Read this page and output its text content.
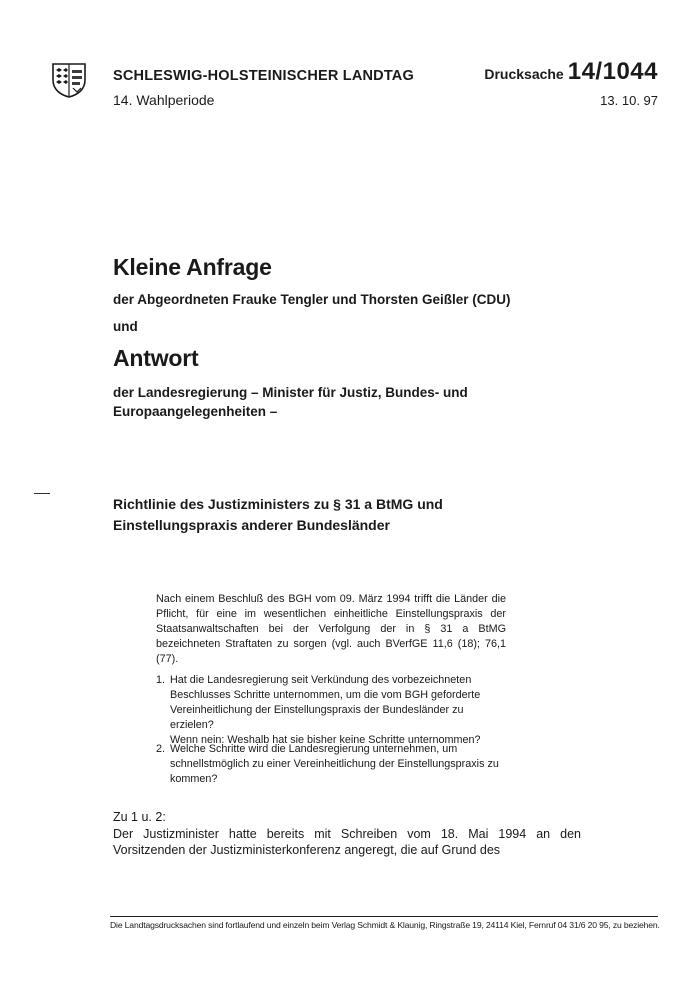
SCHLESWIG-HOLSTEINISCHER LANDTAG
14. Wahlperiode
Drucksache 14/1044
13. 10. 97
Kleine Anfrage
der Abgeordneten Frauke Tengler und Thorsten Geißler (CDU)
und
Antwort
der Landesregierung – Minister für Justiz, Bundes- und Europaangelegenheiten –
Richtlinie des Justizministers zu § 31 a BtMG und Einstellungspraxis anderer Bundesländer
Nach einem Beschluß des BGH vom 09. März 1994 trifft die Länder die Pflicht, für eine im wesentlichen einheitliche Einstellungspraxis der Staatsanwaltschaften bei der Verfolgung der in § 31 a BtMG bezeichneten Straftaten zu sorgen (vgl. auch BVerfGE 11,6 (18); 76,1 (77).
1. Hat die Landesregierung seit Verkündung des vorbezeichneten Beschlusses Schritte unternommen, um die vom BGH geforderte Vereinheitlichung der Einstellungspraxis der Bundesländer zu erzielen?

Wenn nein: Weshalb hat sie bisher keine Schritte unternommen?

2. Welche Schritte wird die Landesregierung unternehmen, um schnellstmöglich zu einer Vereinheitlichung der Einstellungspraxis zu kommen?

Zu 1 u. 2:
Der Justizminister hatte bereits mit Schreiben vom 18. Mai 1994 an den Vorsitzenden der Justizministerkonferenz angeregt, die auf Grund des
Die Landtagsdrucksachen sind fortlaufend und einzeln beim Verlag Schmidt & Klaunig, Ringstraße 19, 24114 Kiel, Fernruf 04 31/6 20 95, zu beziehen.
